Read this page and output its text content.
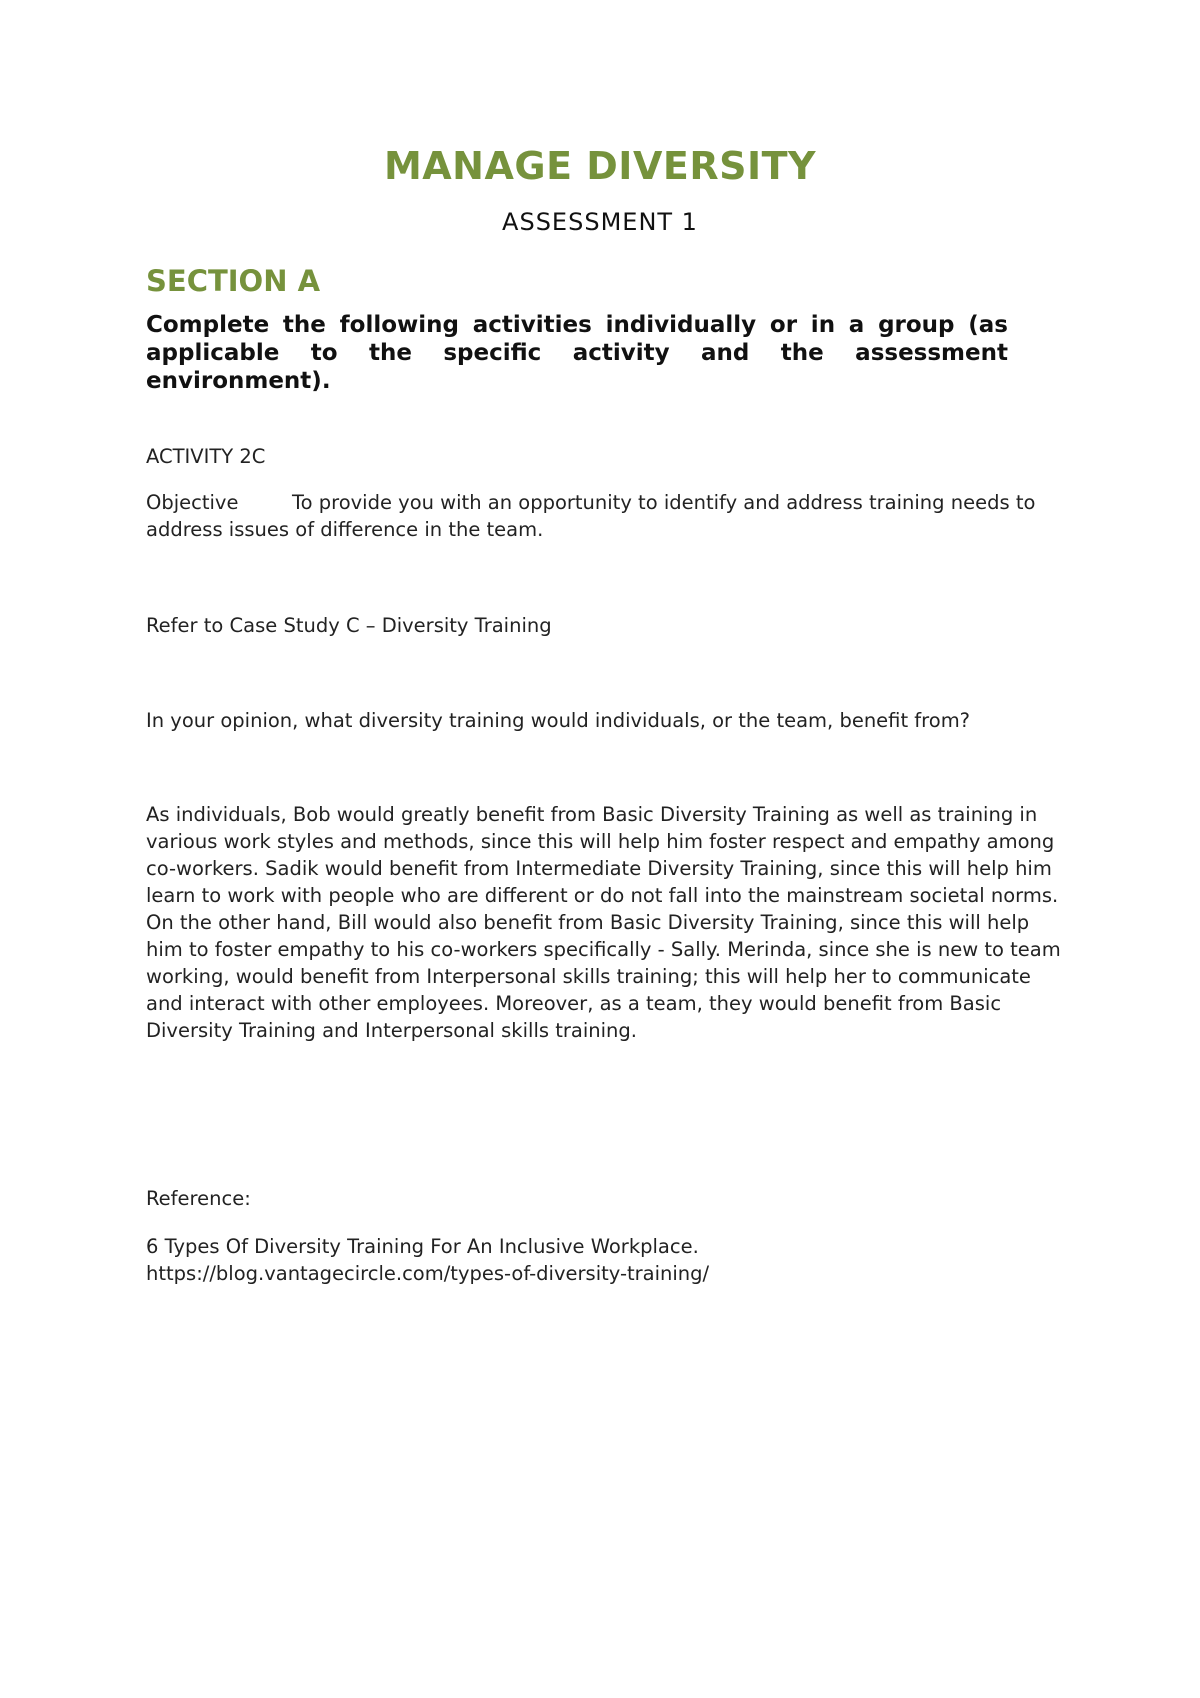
MANAGE DIVERSITY
ASSESSMENT 1
SECTION A
Complete the following activities individually or in a group (as applicable to the specific activity and the assessment environment).
ACTIVITY 2C
Objective	To provide you with an opportunity to identify and address training needs to address issues of difference in the team.
Refer to Case Study C – Diversity Training
In your opinion, what diversity training would individuals, or the team, benefit from?
As individuals, Bob would greatly benefit from Basic Diversity Training as well as training in various work styles and methods, since this will help him foster respect and empathy among co-workers. Sadik would benefit from Intermediate Diversity Training, since this will help him learn to work with people who are different or do not fall into the mainstream societal norms. On the other hand, Bill would also benefit from Basic Diversity Training, since this will help him to foster empathy to his co-workers specifically - Sally. Merinda, since she is new to team working, would benefit from Interpersonal skills training; this will help her to communicate and interact with other employees. Moreover, as a team, they would benefit from Basic Diversity Training and Interpersonal skills training.
Reference:
6 Types Of Diversity Training For An Inclusive Workplace.
https://blog.vantagecircle.com/types-of-diversity-training/
